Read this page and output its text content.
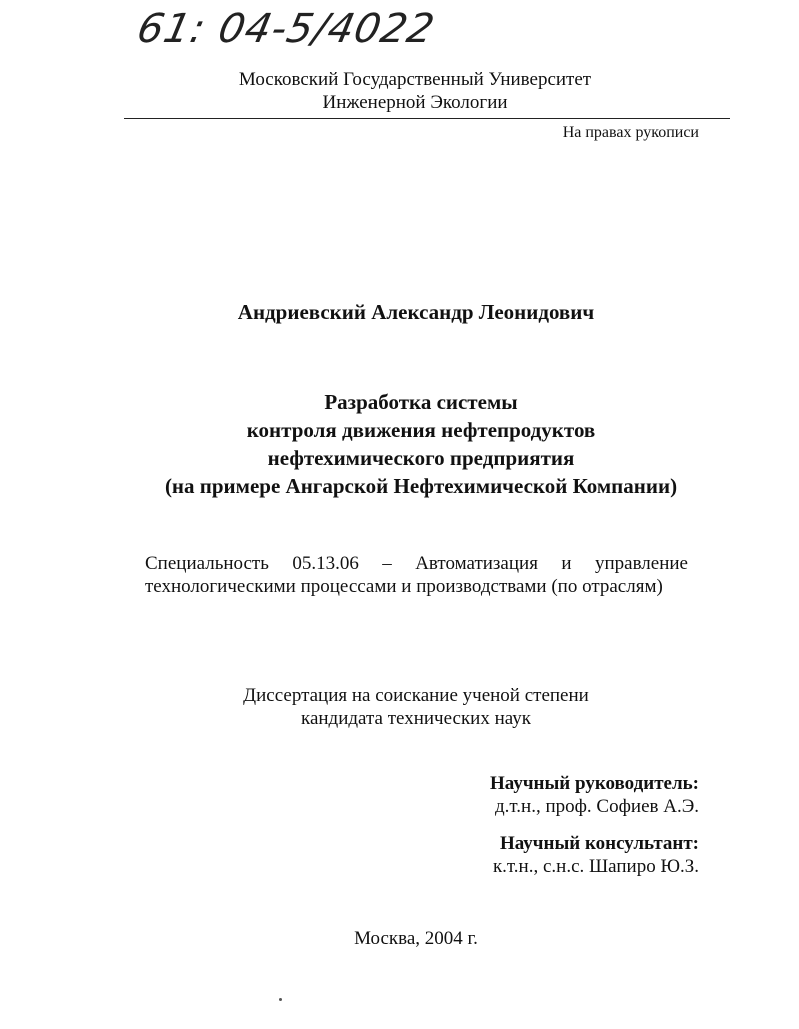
61: 04-5/4022
Московский Государственный Университет
Инженерной Экологии
На правах рукописи
Андриевский Александр Леонидович
Разработка системы
контроля движения нефтепродуктов
нефтехимического предприятия
(на примере Ангарской Нефтехимической Компании)
Специальность 05.13.06 – Автоматизация и управление технологическими процессами и производствами (по отраслям)
Диссертация на соискание ученой степени
кандидата технических наук
Научный руководитель:
д.т.н., проф. Софиев А.Э.
Научный консультант:
к.т.н., с.н.с. Шапиро Ю.З.
Москва, 2004 г.
